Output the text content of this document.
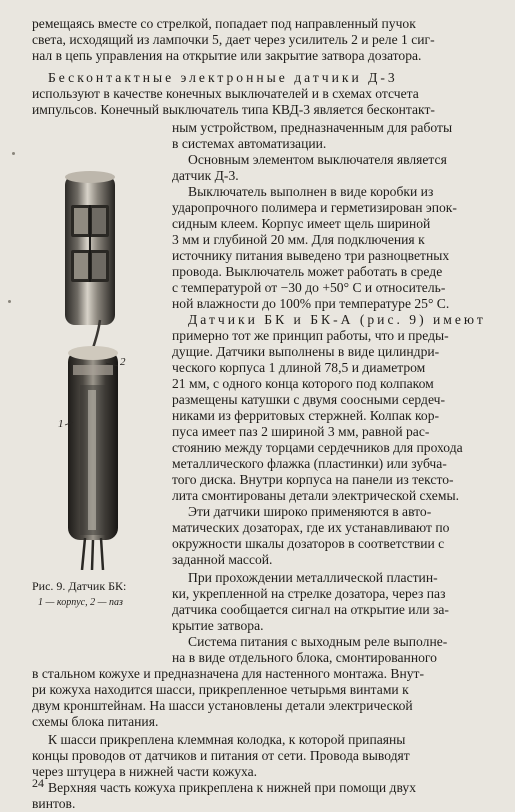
ремещаясь вместе со стрелкой, попадает под направленный пучок
света, исходящий из лампочки 5, дает через усилитель 2 и реле 1 сиг-
нал в цепь управления на открытие или закрытие затвора дозатора.
Бесконтактные электронные датчики Д-3
используют в качестве конечных выключателей и в схемах отсчета
импульсов. Конечный выключатель типа КВД-3 является бесконтакт-
ным устройством, предназначенным для работы
в системах автоматизации.
Основным элементом выключателя является
датчик Д-3.
Выключатель выполнен в виде коробки из
ударопрочного полимера и герметизирован эпок-
сидным клеем. Корпус имеет щель шириной
3 мм и глубиной 20 мм. Для подключения к
источнику питания выведено три разноцветных
провода. Выключатель может работать в среде
с температурой от −30 до +50° С и относитель-
ной влажности до 100% при температуре 25° С.
Датчики БК и БК-А (рис. 9) имеют
примерно тот же принцип работы, что и преды-
дущие. Датчики выполнены в виде цилиндри-
ческого корпуса 1 длиной 78,5 и диаметром
21 мм, с одного конца которого под колпаком
размещены катушки с двумя соосными сердеч-
никами из ферритовых стержней. Колпак кор-
пуса имеет паз 2 шириной 3 мм, равной рас-
стоянию между торцами сердечников для прохода
металлического флажка (пластинки) или зубча-
того диска. Внутри корпуса на панели из тексто-
лита смонтированы детали электрической схемы.
Эти датчики широко применяются в авто-
матических дозаторах, где их устанавливают по
окружности шкалы дозаторов в соответствии с
заданной массой.
При прохождении металлической пластин-
ки, укрепленной на стрелке дозатора, через паз
датчика сообщается сигнал на открытие или за-
крытие затвора.
Система питания с выходным реле выполне-
на в виде отдельного блока, смонтированного
в стальном кожухе и предназначена для настенного монтажа. Внут-
ри кожуха находится шасси, прикрепленное четырьмя винтами к
двум кронштейнам. На шасси установлены детали электрической
схемы блока питания.
К шасси прикреплена клеммная колодка, к которой припаяны
концы проводов от датчиков и питания от сети. Провода выводят
через штуцера в нижней части кожуха.
Верхняя часть кожуха прикреплена к нижней при помощи двух
винтов.
2
1
Рис. 9. Датчик БК:
1 — корпус, 2 — паз
24
